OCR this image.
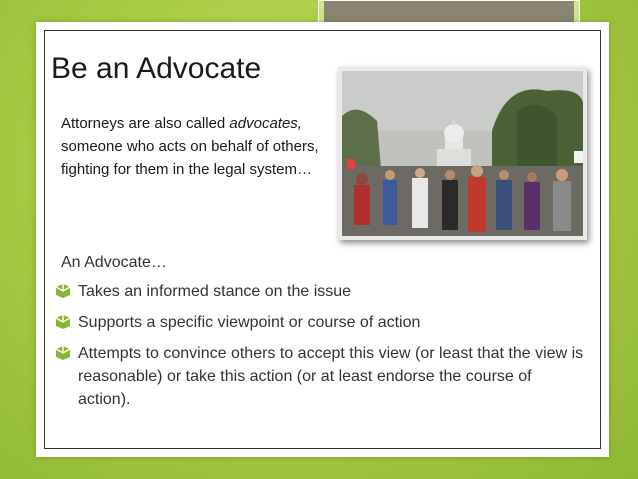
Be an Advocate
Attorneys are also called advocates, someone who acts on behalf of others, fighting for them in the legal system…
An Advocate…
Takes an informed stance on the issue
Supports a specific viewpoint or course of action
Attempts to convince others to accept this view (or least that the view is reasonable) or take this action (or at least endorse the course of action).
